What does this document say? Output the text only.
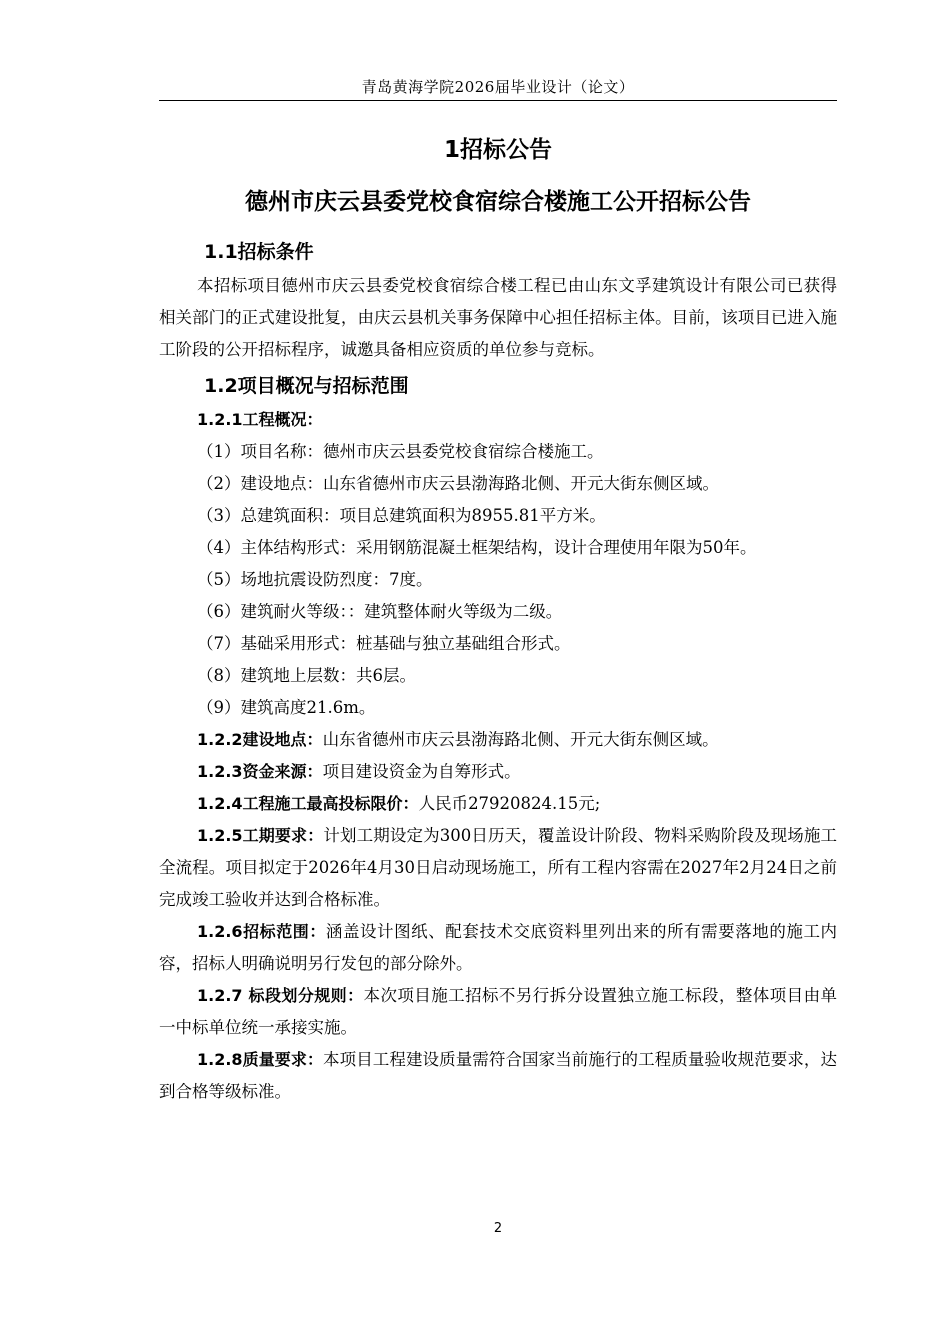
青岛黄海学院2026届毕业设计（论文）
1招标公告
德州市庆云县委党校食宿综合楼施工公开招标公告
1.1招标条件

本招标项目德州市庆云县委党校食宿综合楼工程已由山东文孚建筑设计有限公司已获得相关部门的正式建设批复，由庆云县机关事务保障中心担任招标主体。目前，该项目已进入施工阶段的公开招标程序，诚邀具备相应资质的单位参与竞标。

1.2项目概况与招标范围
1.2.1工程概况：
（1）项目名称：德州市庆云县委党校食宿综合楼施工。
（2）建设地点：山东省德州市庆云县渤海路北侧、开元大街东侧区域。
（3）总建筑面积：项目总建筑面积为8955.81平方米。
（4）主体结构形式：采用钢筋混凝土框架结构，设计合理使用年限为50年。
（5）场地抗震设防烈度：7度。
（6）建筑耐火等级：：建筑整体耐火等级为二级。
（7）基础采用形式：桩基础与独立基础组合形式。
（8）建筑地上层数：共6层。
（9）建筑高度21.6m。

1.2.2建设地点：山东省德州市庆云县渤海路北侧、开元大街东侧区域。

1.2.3资金来源：项目建设资金为自筹形式。

1.2.4工程施工最高投标限价：人民币27920824.15元;

1.2.5工期要求：计划工期设定为300日历天，覆盖设计阶段、物料采购阶段及现场施工全流程。项目拟定于2026年4月30日启动现场施工，所有工程内容需在2027年2月24日之前完成竣工验收并达到合格标准。

1.2.6招标范围：涵盖设计图纸、配套技术交底资料里列出来的所有需要落地的施工内容，招标人明确说明另行发包的部分除外。

1.2.7 标段划分规则：本次项目施工招标不另行拆分设置独立施工标段，整体项目由单一中标单位统一承接实施。

1.2.8质量要求：本项目工程建设质量需符合国家当前施行的工程质量验收规范要求，达到合格等级标准。

2
